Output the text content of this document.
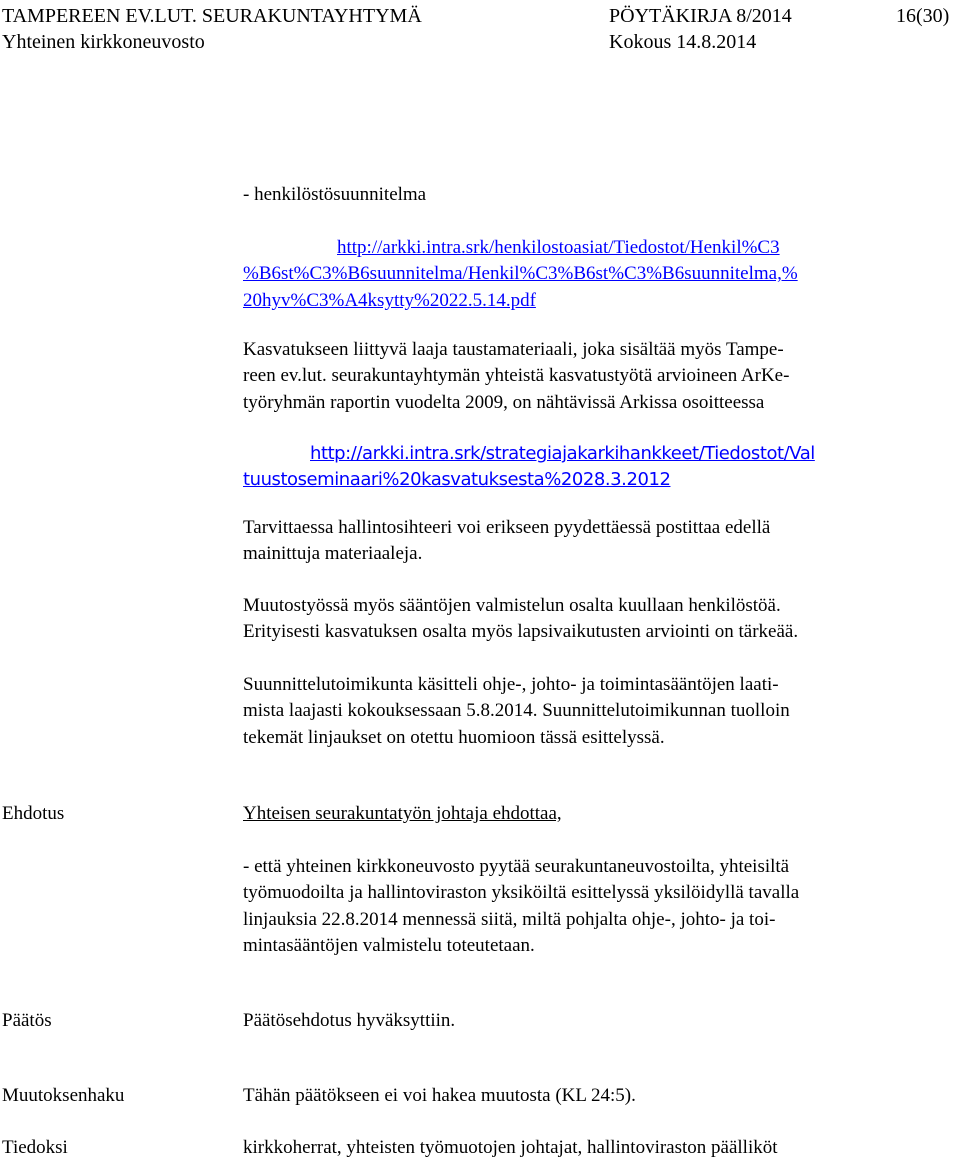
TAMPEREEN EV.LUT. SEURAKUNTAYHTYMÄ	PÖYTÄKIRJA 8/2014	16(30)
Yhteinen kirkkoneuvosto	Kokous 14.8.2014
- henkilöstösuunnitelma
http://arkki.intra.srk/henkilostoasiat/Tiedostot/Henkil%C3
%B6st%C3%B6suunnitelma/Henkil%C3%B6st%C3%B6suunnitelma,%
20hyv%C3%A4ksytty%2022.5.14.pdf
Kasvatukseen liittyvä laaja taustamateriaali, joka sisältää myös Tampe-
reen ev.lut. seurakuntayhtymän yhteistä kasvatustyötä arvioineen ArKe-
työryhmän raportin vuodelta 2009, on nähtävissä Arkissa osoitteessa
http://arkki.intra.srk/strategiajakarkihankkeet/Tiedostot/Val
tuustoseminaari%20kasvatuksesta%2028.3.2012
Tarvittaessa hallintosihteeri voi erikseen pyydettäessä postittaa edellä
mainittuja materiaaleja.
Muutostyössä myös sääntöjen valmistelun osalta kuullaan henkilöstöä.
Erityisesti kasvatuksen osalta myös lapsivaikutusten arviointi on tärkeää.
Suunnittelutoimikunta käsitteli ohje-, johto- ja toimintasääntöjen laati-
mista laajasti kokouksessaan 5.8.2014. Suunnittelutoimikunnan tuolloin
tekemät linjaukset on otettu huomioon tässä esittelyssä.
Ehdotus	Yhteisen seurakuntatyön johtaja ehdottaa,
- että yhteinen kirkkoneuvosto pyytää seurakuntaneuvostoilta, yhteisiltä
työmuodoilta ja hallintoviraston yksiköiltä esittelyssä yksilöidyllä tavalla
linjauksia 22.8.2014 mennessä siitä, miltä pohjalta ohje-, johto- ja toi-
mintasääntöjen valmistelu toteutetaan.
Päätös	Päätösehdotus hyväksyttiin.
Muutoksenhaku	Tähän päätökseen ei voi hakea muutosta (KL 24:5).
Tiedoksi	kirkkoherrat, yhteisten työmuotojen johtajat, hallintoviraston päälliköt
